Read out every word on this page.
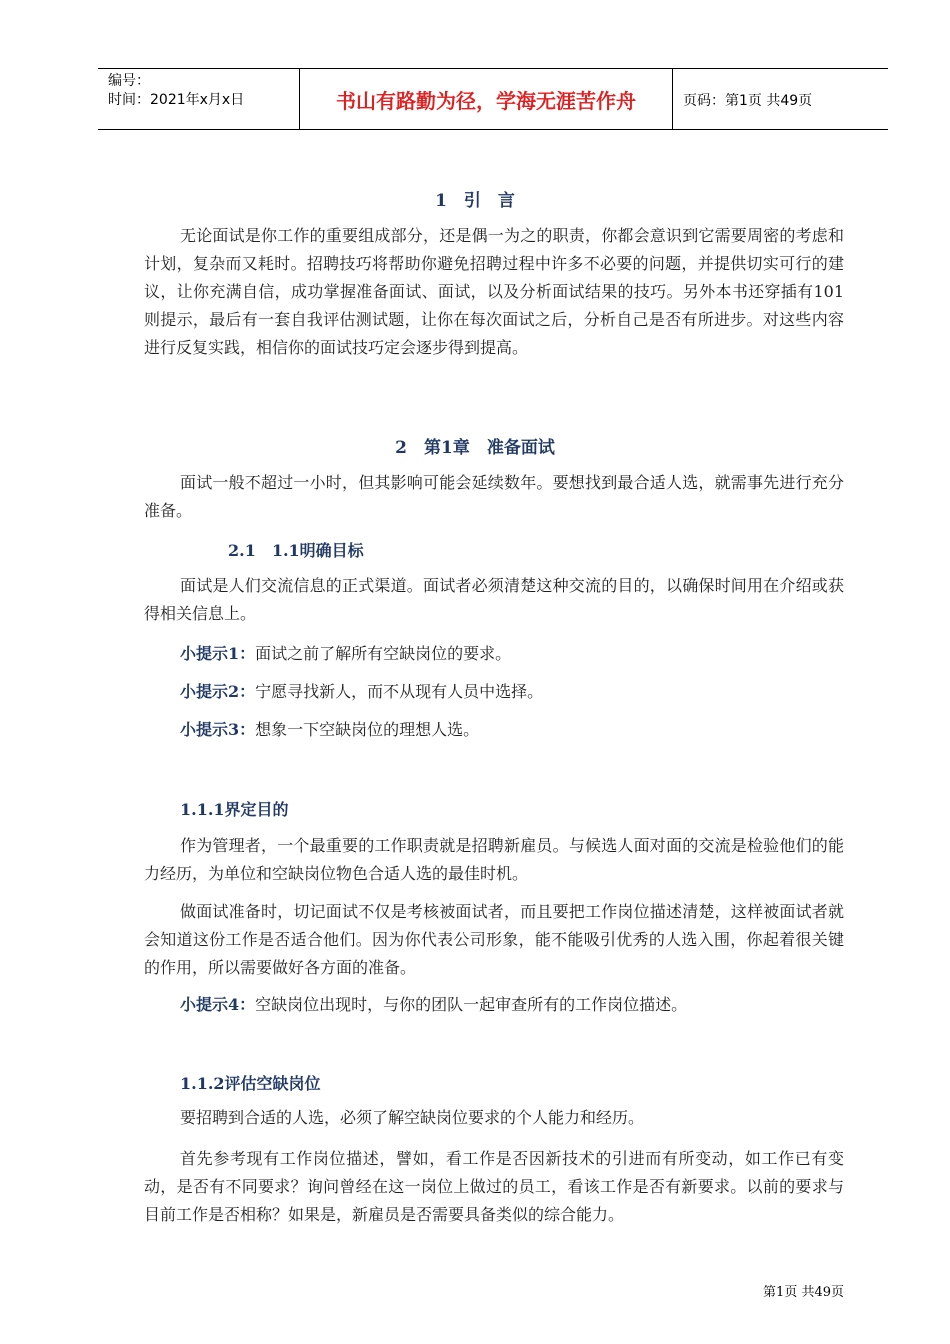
编号：
时间：2021年x月x日	书山有路勤为径，学海无涯苦作舟	页码：第1页 共49页
1　引　言

无论面试是你工作的重要组成部分，还是偶一为之的职责，你都会意识到它需要周密的考虑和计划，复杂而又耗时。招聘技巧将帮助你避免招聘过程中许多不必要的问题，并提供切实可行的建议，让你充满自信，成功掌握准备面试、面试，以及分析面试结果的技巧。另外本书还穿插有101则提示，最后有一套自我评估测试题，让你在每次面试之后，分析自己是否有所进步。对这些内容进行反复实践，相信你的面试技巧定会逐步得到提高。

2　第1章　准备面试

面试一般不超过一小时，但其影响可能会延续数年。要想找到最合适人选，就需事先进行充分准备。

2.1　1.1明确目标

面试是人们交流信息的正式渠道。面试者必须清楚这种交流的目的，以确保时间用在介绍或获得相关信息上。

小提示1：面试之前了解所有空缺岗位的要求。
小提示2：宁愿寻找新人，而不从现有人员中选择。
小提示3：想象一下空缺岗位的理想人选。
1.1.1界定目的

作为管理者，一个最重要的工作职责就是招聘新雇员。与候选人面对面的交流是检验他们的能力经历，为单位和空缺岗位物色合适人选的最佳时机。

做面试准备时，切记面试不仅是考核被面试者，而且要把工作岗位描述清楚，这样被面试者就会知道这份工作是否适合他们。因为你代表公司形象，能不能吸引优秀的人选入围，你起着很关键的作用，所以需要做好各方面的准备。

小提示4：空缺岗位出现时，与你的团队一起审查所有的工作岗位描述。
1.1.2评估空缺岗位

要招聘到合适的人选，必须了解空缺岗位要求的个人能力和经历。

首先参考现有工作岗位描述，譬如，看工作是否因新技术的引进而有所变动，如工作已有变动，是否有不同要求？询问曾经在这一岗位上做过的员工，看该工作是否有新要求。以前的要求与目前工作是否相称？如果是，新雇员是否需要具备类似的综合能力。

第1页 共49页
